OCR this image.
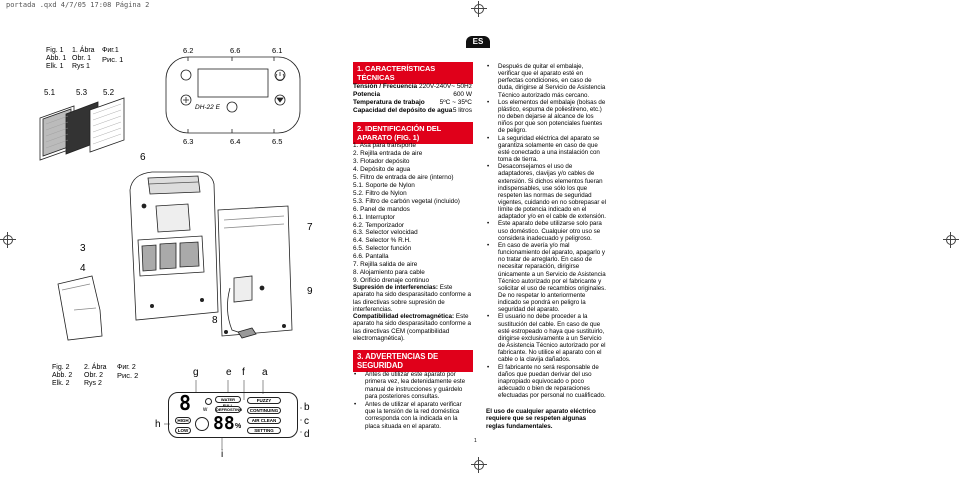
portada .qxd 4/7/05 17:08 Página 2
Fig. 1
Abb. 1
Elk. 1
1. Ábra
Obr. 1
Rys 1
Фиг.1
Рис. 1
Fig. 2
Abb. 2
Elk. 2
2. Ábra
Obr. 2
Rys 2
Фиг. 2
Рис. 2
5.1	5.3 5.2
6.2	6.6	6.1
6.3	6.4	6.5
DH-22 E
6
3
4
7
8
9
g	e f a
b
c
d
h
i
8 w
WATER FULL
DEFROSTING
FUZZY
CONTINUING
AIR CLEAN
SETTING
HIGH
LOW 88 %
ES
1. CARACTERÍSTICAS TÉCNICAS
Tensión / Frecuencia 220V-240V~ 50Hz
Potencia	600 W
Temperatura de trabajo 5ºC ~ 35ºC
Capacidad del depósito de agua 5 litros
2. IDENTIFICACIÓN DEL APARATO (FIG. 1)
1. Asa para transporte
2. Rejilla entrada de aire
3. Flotador depósito
4. Depósito de agua
5. Filtro de entrada de aire (interno)
5.1. Soporte de Nylon
5.2. Filtro de Nylon
5.3. Filtro de carbón vegetal (incluido)
6. Panel de mandos
6.1. Interruptor
6.2. Temporizador
6.3. Selector velocidad
6.4. Selector % R.H.
6.5. Selector función
6.6. Pantalla
7. Rejilla salida de aire
8. Alojamiento para cable
9. Orificio drenaje continuo
Supresión de interferencias: Este aparato ha sido desparasitado conforme a las directivas sobre supresión de interferencias.
Compatibilidad electromagnética: Este aparato ha sido desparasitado conforme a las directivas CEM (compatibilidad electromagnética).
3. ADVERTENCIAS DE SEGURIDAD
• Antes de utilizar este aparato por primera vez, lea detenidamente este manual de instrucciones y guárdelo para posteriores consultas.
• Antes de utilizar el aparato verificar que la tensión de la red doméstica corresponda con la indicada en la placa situada en el aparato.
1
• Después de quitar el embalaje, verificar que el aparato esté en perfectas condiciones, en caso de duda, dirigirse al Servicio de Asistencia Técnico autorizado más cercano.
• Los elementos del embalaje (bolsas de plástico, espuma de poliestireno, etc.) no deben dejarse al alcance de los niños por que son potenciales fuentes de peligro.
• La seguridad eléctrica del aparato se garantiza solamente en caso de que esté conectado a una instalación con toma de tierra.
• Desaconsejamos el uso de adaptadores, clavijas y/o cables de extensión. Si dichos elementos fueran indispensables, use sólo los que respeten las normas de seguridad vigentes, cuidando en no sobrepasar el límite de potencia indicado en el adaptador y/o en el cable de extensión.
• Este aparato debe utilizarse solo para uso doméstico. Cualquier otro uso se considera inadecuado y peligroso.
• En caso de avería y/o mal funcionamiento del aparato, apagarlo y no tratar de arreglarlo. En caso de necesitar reparación, dirigirse únicamente a un Servicio de Asistencia Técnico autorizado por el fabricante y solicitar el uso de recambios originales. De no respetar lo anteriormente indicado se pondrá en peligro la seguridad del aparato.
• El usuario no debe proceder a la sustitución del cable. En caso de que esté estropeado o haya que sustituirlo, dirigirse exclusivamente a un Servicio de Asistencia Técnico autorizado por el fabricante. No utilice el aparato con el cable o la clavija dañados.
• El fabricante no será responsable de daños que puedan derivar del uso inapropiado equivocado o poco adecuado o bien de reparaciones efectuadas por personal no cualificado.
El uso de cualquier aparato eléctrico requiere que se respeten algunas reglas fundamentales.
